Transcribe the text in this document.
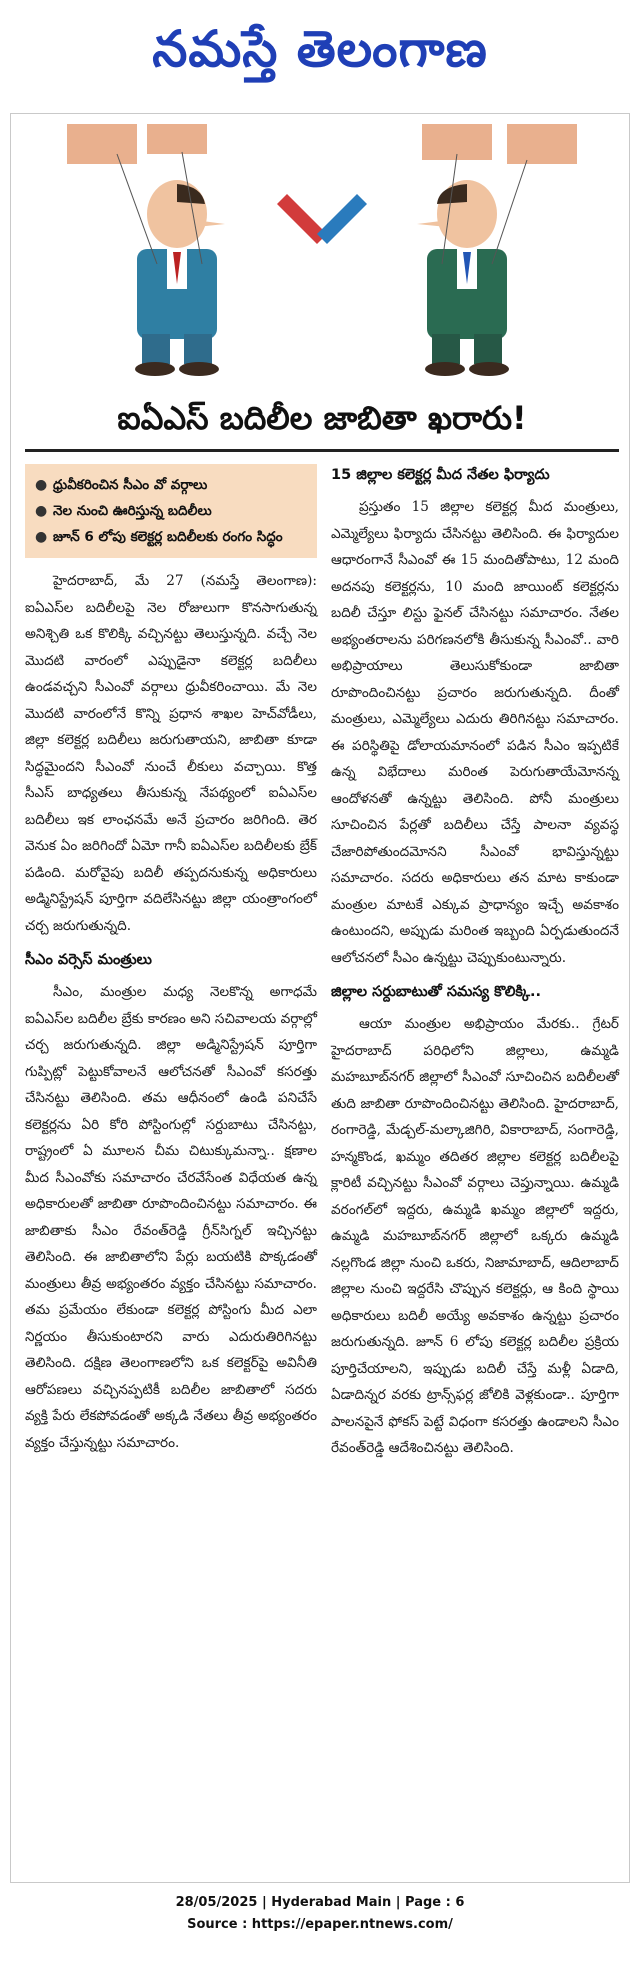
నమస్తే తెలంగాణ
ఐఏఎస్ బదిలీల జాబితా ఖరారు!
● ధ్రువీకరించిన సీఎం వో వర్గాలు
● నెల నుంచి ఊరిస్తున్న బదిలీలు
● జూన్ 6 లోపు కలెక్టర్ల బదిలీలకు రంగం సిద్ధం

హైదరాబాద్, మే 27 (నమస్తే తెలంగాణ): ఐఏఎస్‌ల బదిలీలపై నెల రోజులుగా కొనసాగుతున్న అనిశ్చితి ఒక కొలిక్కి వచ్చినట్టు తెలుస్తున్నది. వచ్చే నెల మొదటి వారంలో ఎప్పుడైనా కలెక్టర్ల బదిలీలు ఉండవచ్చని సీఎంవో వర్గాలు ధ్రువీకరించాయి. మే నెల మొదటి వారంలోనే కొన్ని ప్రధాన శాఖల హెచ్‌వోడీలు, జిల్లా కలెక్టర్ల బదిలీలు జరుగుతాయని, జాబితా కూడా సిద్ధమైందని సీఎంవో నుంచే లీకులు వచ్చాయి. కొత్త సీఎస్ బాధ్యతలు తీసుకున్న నేపథ్యంలో ఐఏఎస్‌ల బదిలీలు ఇక లాంఛనమే అనే ప్రచారం జరిగింది. తెర వెనుక ఏం జరిగిందో ఏమో గానీ ఐఏఎస్‌ల బదిలీలకు బ్రేక్ పడింది. మరోవైపు బదిలీ తప్పదనుకున్న అధికారులు అడ్మినిస్ట్రేషన్ పూర్తిగా వదిలేసినట్టు జిల్లా యంత్రాంగంలో చర్చ జరుగుతున్నది.

సీఎం వర్సెస్ మంత్రులు

సీఎం, మంత్రుల మధ్య నెలకొన్న అగాధమే ఐఏఎస్‌ల బదిలీల బ్రేకు కారణం అని సచివాలయ వర్గాల్లో చర్చ జరుగుతున్నది. జిల్లా అడ్మినిస్ట్రేషన్ పూర్తిగా గుప్పిట్లో పెట్టుకోవాలనే ఆలోచనతో సీఎంవో కసరత్తు చేసినట్టు తెలిసింది. తమ ఆధీనంలో ఉండి పనిచేసే కలెక్టర్లను ఏరి కోరి పోస్టింగుల్లో సర్దుబాటు చేసినట్టు, రాష్ట్రంలో ఏ మూలన చీమ చిటుక్కుమన్నా.. క్షణాల మీద సీఎంవోకు సమాచారం చేరవేసేంత విధేయత ఉన్న అధికారులతో జాబితా రూపొందించినట్టు సమాచారం. ఈ జాబితాకు సీఎం రేవంత్‌రెడ్డి గ్రీన్‌సిగ్నల్ ఇచ్చినట్టు తెలిసింది. ఈ జాబితాలోని పేర్లు బయటికి పొక్కడంతో మంత్రులు తీవ్ర అభ్యంతరం వ్యక్తం చేసినట్టు సమాచారం. తమ ప్రమేయం లేకుండా కలెక్టర్ల పోస్టింగు మీద ఎలా నిర్ణయం తీసుకుంటారని వారు ఎదురుతిరిగినట్టు తెలిసింది. దక్షిణ తెలంగాణలోని ఒక కలెక్టర్‌పై అవినీతి ఆరోపణలు వచ్చినప్పటికీ బదిలీల జాబితాలో సదరు వ్యక్తి పేరు లేకపోవడంతో అక్కడి నేతలు తీవ్ర అభ్యంతరం వ్యక్తం చేస్తున్నట్టు సమాచారం.

15 జిల్లాల కలెక్టర్ల మీద నేతల ఫిర్యాదు

ప్రస్తుతం 15 జిల్లాల కలెక్టర్ల మీద మంత్రులు, ఎమ్మెల్యేలు ఫిర్యాదు చేసినట్టు తెలిసింది. ఈ ఫిర్యాదుల ఆధారంగానే సీఎంవో ఈ 15 మందితోపాటు, 12 మంది అదనపు కలెక్టర్లను, 10 మంది జాయింట్ కలెక్టర్లను బదిలీ చేస్తూ లిస్టు ఫైనల్ చేసినట్టు సమాచారం. నేతల అభ్యంతరాలను పరిగణనలోకి తీసుకున్న సీఎంవో.. వారి అభిప్రాయాలు తెలుసుకోకుండా జాబితా రూపొందించినట్టు ప్రచారం జరుగుతున్నది. దీంతో మంత్రులు, ఎమ్మెల్యేలు ఎదురు తిరిగినట్టు సమాచారం. ఈ పరిస్థితిపై డోలాయమానంలో పడిన సీఎం ఇప్పటికే ఉన్న విభేదాలు మరింత పెరుగుతాయేమోనన్న ఆందోళనతో ఉన్నట్టు తెలిసింది. పోనీ మంత్రులు సూచించిన పేర్లతో బదిలీలు చేస్తే పాలనా వ్యవస్థ చేజారిపోతుందమోనని సీఎంవో భావిస్తున్నట్టు సమాచారం. సదరు అధికారులు తన మాట కాకుండా మంత్రుల మాటకే ఎక్కువ ప్రాధాన్యం ఇచ్చే అవకాశం ఉంటుందని, అప్పుడు మరింత ఇబ్బంది ఏర్పడుతుందనే ఆలోచనలో సీఎం ఉన్నట్టు చెప్పుకుంటున్నారు.

జిల్లాల సర్దుబాటుతో సమస్య కొలిక్కి..

ఆయా మంత్రుల అభిప్రాయం మేరకు.. గ్రేటర్ హైదరాబాద్ పరిధిలోని జిల్లాలు, ఉమ్మడి మహబూబ్‌నగర్ జిల్లాలో సీఎంవో సూచించిన బదిలీలతో తుది జాబితా రూపొందించినట్టు తెలిసింది. హైదరాబాద్, రంగారెడ్డి, మేడ్చల్-మల్కాజిగిరి, వికారాబాద్, సంగారెడ్డి, హన్మకొండ, ఖమ్మం తదితర జిల్లాల కలెక్టర్ల బదిలీలపై క్లారిటీ వచ్చినట్టు సీఎంవో వర్గాలు చెప్తున్నాయి. ఉమ్మడి వరంగల్‌లో ఇద్దరు, ఉమ్మడి ఖమ్మం జిల్లాలో ఇద్దరు, ఉమ్మడి మహబూబ్‌నగర్ జిల్లాలో ఒక్కరు ఉమ్మడి నల్లగొండ జిల్లా నుంచి ఒకరు, నిజామాబాద్, ఆదిలాబాద్ జిల్లాల నుంచి ఇద్దరేసి చొప్పున కలెక్టర్లు, ఆ కింది స్థాయి అధికారులు బదిలీ అయ్యే అవకాశం ఉన్నట్టు ప్రచారం జరుగుతున్నది. జూన్ 6 లోపు కలెక్టర్ల బదిలీల ప్రక్రియ పూర్తిచేయాలని, ఇప్పుడు బదిలీ చేస్తే మళ్లీ ఏడాది, ఏడాదిన్నర వరకు ట్రాన్స్‌ఫర్ల జోలికి వెళ్లకుండా.. పూర్తిగా పాలనపైనే ఫోకస్ పెట్టే విధంగా కసరత్తు ఉండాలని సీఎం రేవంత్‌రెడ్డి ఆదేశించినట్టు తెలిసింది.

28/05/2025 | Hyderabad Main | Page : 6
Source : https://epaper.ntnews.com/
